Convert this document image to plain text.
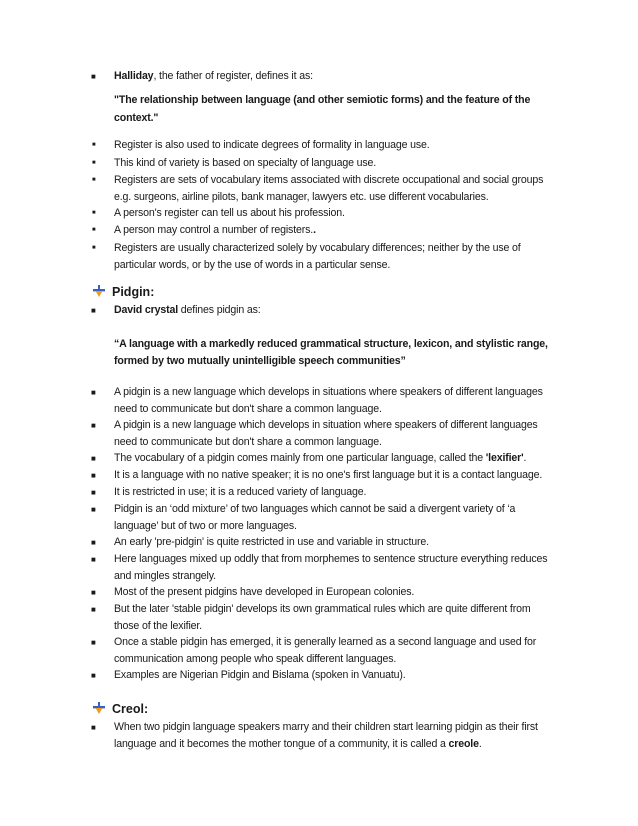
■ Halliday, the father of register, defines it as:
"The relationship between language (and other semiotic forms) and the feature of the
context."
■ Register is also used to indicate degrees of formality in language use.
■ This kind of variety is based on specialty of language use.
■ Registers are sets of vocabulary items associated with discrete occupational and social groups
e.g. surgeons, airline pilots, bank manager, lawyers etc. use different vocabularies.
■ A person's register can tell us about his profession.
■ A person may control a number of registers..
■ Registers are usually characterized solely by vocabulary differences; neither by the use of
particular words, or by the use of words in a particular sense.
Pidgin:
■ David crystal defines pidgin as:
“A language with a markedly reduced grammatical structure, lexicon, and stylistic range,
formed by two mutually unintelligible speech communities”
■ A pidgin is a new language which develops in situations where speakers of different languages
need to communicate but don't share a common language.
■ A pidgin is a new language which develops in situation where speakers of different languages
need to communicate but don't share a common language.
■ The vocabulary of a pidgin comes mainly from one particular language, called the 'lexifier'.
■ It is a language with no native speaker; it is no one's first language but it is a contact language.
■ It is restricted in use; it is a reduced variety of language.
■ Pidgin is an ‘odd mixture’ of two languages which cannot be said a divergent variety of ‘a
language’ but of two or more languages.
■ An early 'pre-pidgin' is quite restricted in use and variable in structure.
■ Here languages mixed up oddly that from morphemes to sentence structure everything reduces
and mingles strangely.
■ Most of the present pidgins have developed in European colonies.
■ But the later 'stable pidgin' develops its own grammatical rules which are quite different from
those of the lexifier.
■ Once a stable pidgin has emerged, it is generally learned as a second language and used for
communication among people who speak different languages.
■ Examples are Nigerian Pidgin and Bislama (spoken in Vanuatu).
Creol:
■ When two pidgin language speakers marry and their children start learning pidgin as their first
language and it becomes the mother tongue of a community, it is called a creole.
